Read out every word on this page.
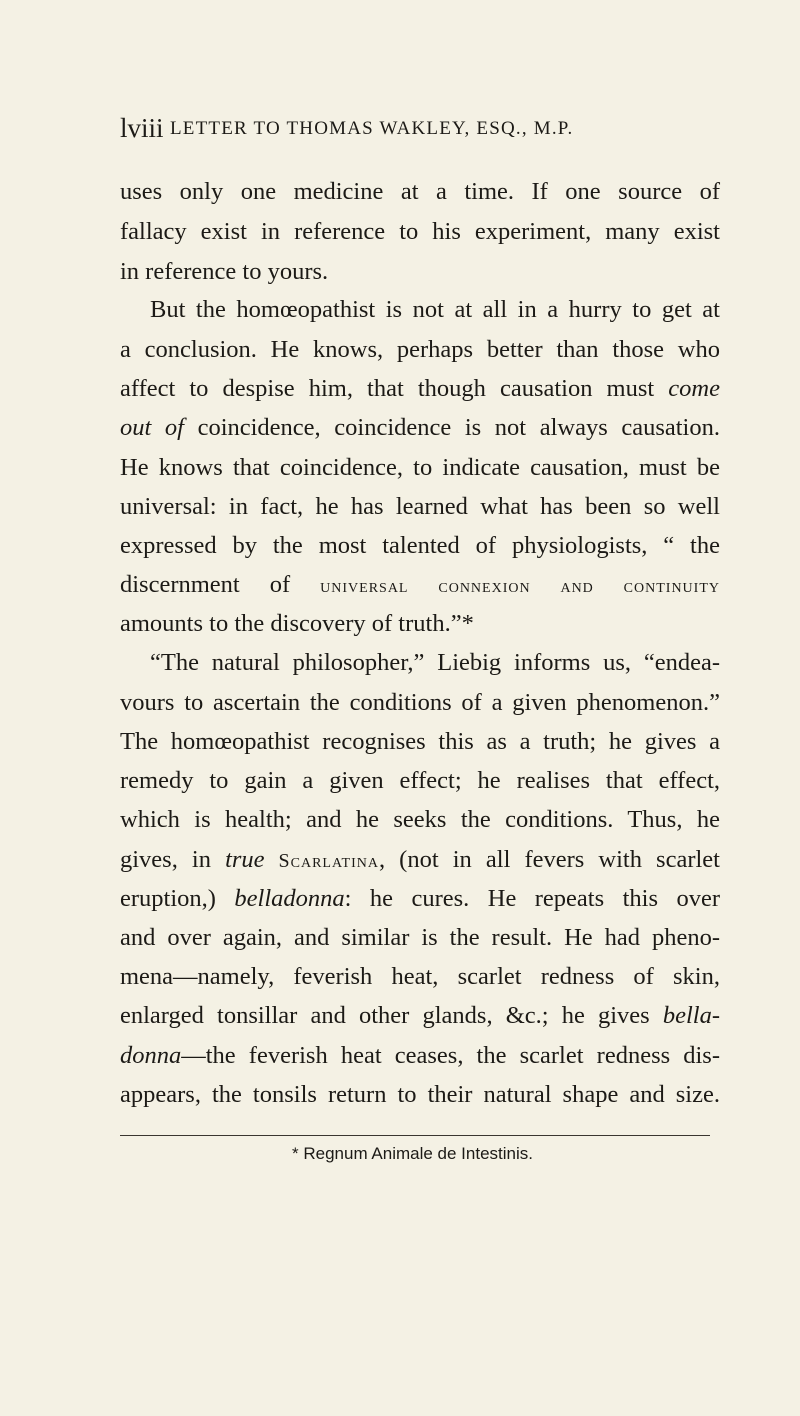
lviii LETTER TO THOMAS WAKLEY, ESQ., M.P.
uses only one medicine at a time. If one source of
fallacy exist in reference to his experiment, many exist
in reference to yours.
But the homœopathist is not at all in a hurry to get at
a conclusion. He knows, perhaps better than those who
affect to despise him, that though causation must come
out of coincidence, coincidence is not always causation.
He knows that coincidence, to indicate causation, must be
universal: in fact, he has learned what has been so well
expressed by the most talented of physiologists, “ the
discernment of universal connexion and continuity
amounts to the discovery of truth.”*
“The natural philosopher,” Liebig informs us, “endea-
vours to ascertain the conditions of a given phenomenon.”
The homœopathist recognises this as a truth; he gives a
remedy to gain a given effect; he realises that effect,
which is health; and he seeks the conditions. Thus, he
gives, in true Scarlatina, (not in all fevers with scarlet
eruption,) belladonna: he cures. He repeats this over
and over again, and similar is the result. He had pheno-
mena—namely, feverish heat, scarlet redness of skin,
enlarged tonsillar and other glands, &c.; he gives bella-
donna—the feverish heat ceases, the scarlet redness dis-
appears, the tonsils return to their natural shape and size.
* Regnum Animale de Intestinis.
